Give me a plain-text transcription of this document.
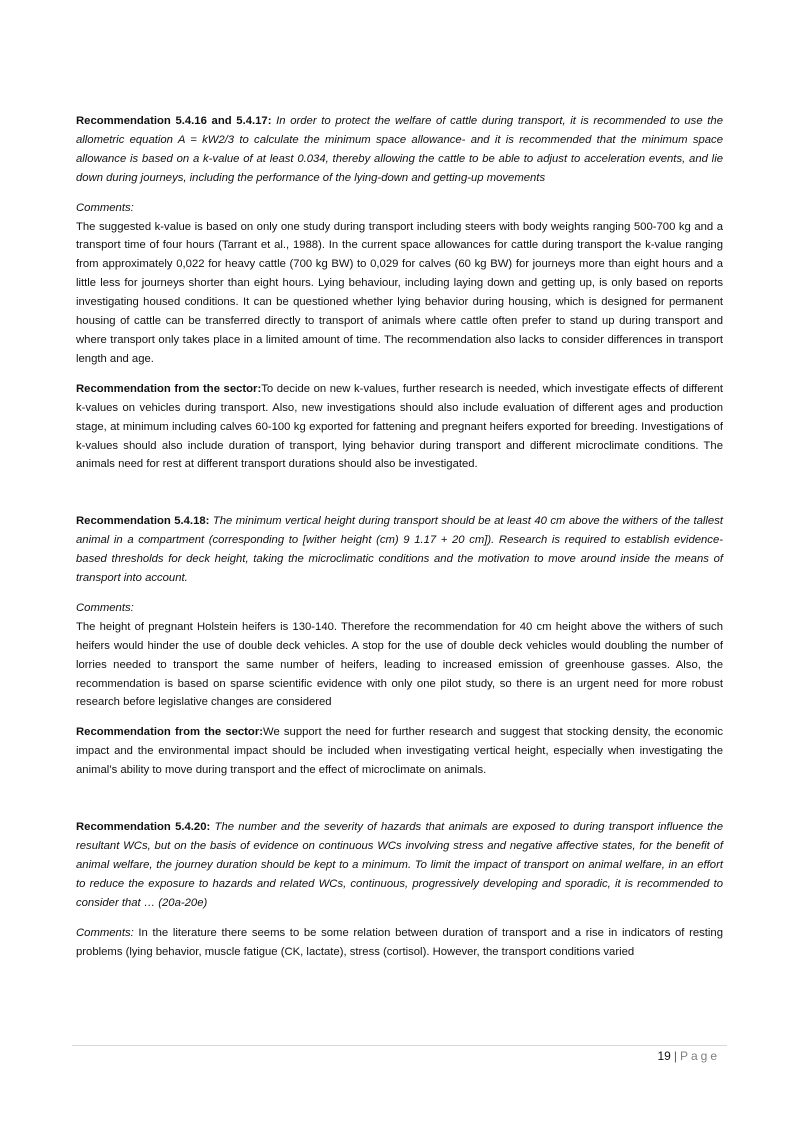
Recommendation 5.4.16 and 5.4.17: In order to protect the welfare of cattle during transport, it is recommended to use the allometric equation A = kW2/3 to calculate the minimum space allowance- and it is recommended that the minimum space allowance is based on a k-value of at least 0.034, thereby allowing the cattle to be able to adjust to acceleration events, and lie down during journeys, including the performance of the lying-down and getting-up movements

Comments:

The suggested k-value is based on only one study during transport including steers with body weights ranging 500-700 kg and a transport time of four hours (Tarrant et al., 1988). In the current space allowances for cattle during transport the k-value ranging from approximately 0,022 for heavy cattle (700 kg BW) to 0,029 for calves (60 kg BW) for journeys more than eight hours and a little less for journeys shorter than eight hours. Lying behaviour, including laying down and getting up, is only based on reports investigating housed conditions. It can be questioned whether lying behavior during housing, which is designed for permanent housing of cattle can be transferred directly to transport of animals where cattle often prefer to stand up during transport and where transport only takes place in a limited amount of time. The recommendation also lacks to consider differences in transport length and age.

Recommendation from the sector:To decide on new k-values, further research is needed, which investigate effects of different k-values on vehicles during transport. Also, new investigations should also include evaluation of different ages and production stage, at minimum including calves 60-100 kg exported for fattening and pregnant heifers exported for breeding. Investigations of k-values should also include duration of transport, lying behavior during transport and different microclimate conditions. The animals need for rest at different transport durations should also be investigated.

Recommendation 5.4.18: The minimum vertical height during transport should be at least 40 cm above the withers of the tallest animal in a compartment (corresponding to [wither height (cm) 9 1.17 + 20 cm]). Research is required to establish evidence-based thresholds for deck height, taking the microclimatic conditions and the motivation to move around inside the means of transport into account.

Comments:

The height of pregnant Holstein heifers is 130-140. Therefore the recommendation for 40 cm height above the withers of such heifers would hinder the use of double deck vehicles. A stop for the use of double deck vehicles would doubling the number of lorries needed to transport the same number of heifers, leading to increased emission of greenhouse gasses. Also, the recommendation is based on sparse scientific evidence with only one pilot study, so there is an urgent need for more robust research before legislative changes are considered

Recommendation from the sector:We support the need for further research and suggest that stocking density, the economic impact and the environmental impact should be included when investigating vertical height, especially when investigating the animal’s ability to move during transport and the effect of microclimate on animals.

Recommendation 5.4.20: The number and the severity of hazards that animals are exposed to during transport influence the resultant WCs, but on the basis of evidence on continuous WCs involving stress and negative affective states, for the benefit of animal welfare, the journey duration should be kept to a minimum. To limit the impact of transport on animal welfare, in an effort to reduce the exposure to hazards and related WCs, continuous, progressively developing and sporadic, it is recommended to consider that … (20a-20e)

Comments: In the literature there seems to be some relation between duration of transport and a rise in indicators of resting problems (lying behavior, muscle fatigue (CK, lactate), stress (cortisol). However, the transport conditions varied

19 | Page
